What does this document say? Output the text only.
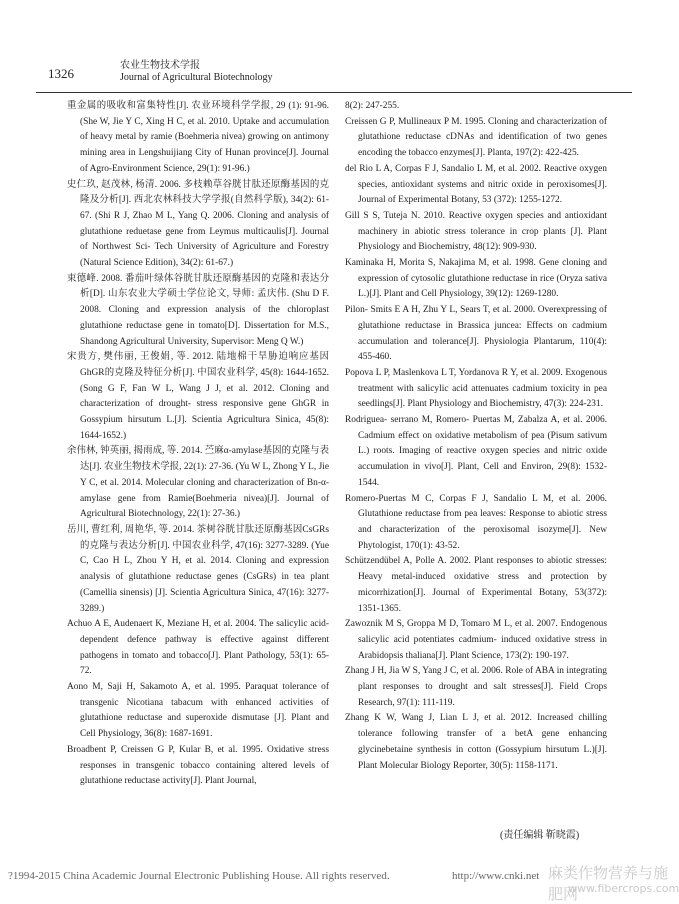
1326
农业生物技术学报
Journal of Agricultural Biotechnology

重金属的吸收和富集特性[J]. 农业环境科学学报, 29 (1): 91-96. (She W, Jie Y C, Xing H C, et al. 2010. Uptake and accumulation of heavy metal by ramie (Boehmeria nivea) growing on antimony mining area in Lengshuijiang City of Hunan province[J]. Journal of Agro-Environment Science, 29(1): 91-96.)

史仁玖, 赵茂林, 杨清. 2006. 多枝赖草谷胱甘肽还原酶基因的克隆及分析[J]. 西北农林科技大学学报(自然科学版), 34(2): 61-67. (Shi R J, Zhao M L, Yang Q. 2006. Cloning and analysis of glutathione reduetase gene from Leymus multicaulis[J]. Journal of Northwest Sci- Tech University of Agriculture and Forestry (Natural Science Edition), 34(2): 61-67.)

束德峰. 2008. 番茄叶绿体谷胱甘肽还原酶基因的克隆和表达分析[D]. 山东农业大学硕士学位论文, 导师: 孟庆伟. (Shu D F. 2008. Cloning and expression analysis of the chloroplast glutathione reductase gene in tomato[D]. Dissertation for M.S., Shandong Agricultural University, Supervisor: Meng Q W.)

宋贵方, 樊伟丽, 王俊娟, 等. 2012. 陆地棉干旱胁迫响应基因GhGR的克隆及特征分析[J]. 中国农业科学, 45(8): 1644-1652. (Song G F, Fan W L, Wang J J, et al. 2012. Cloning and characterization of drought- stress responsive gene GhGR in Gossypium hirsutum L.[J]. Scientia Agricultura Sinica, 45(8): 1644-1652.)

余伟林, 钟英丽, 揭雨成, 等. 2014. 苎麻α-amylase基因的克隆与表达[J]. 农业生物技术学报, 22(1): 27-36. (Yu W L, Zhong Y L, Jie Y C, et al. 2014. Molecular cloning and characterization of Bn-α-amylase gene from Ramie(Boehmeria nivea)[J]. Journal of Agricultural Biotechnology, 22(1): 27-36.)

岳川, 曹红利, 周艳华, 等. 2014. 茶树谷胱甘肽还原酶基因CsGRs的克隆与表达分析[J]. 中国农业科学, 47(16): 3277-3289. (Yue C, Cao H L, Zhou Y H, et al. 2014. Cloning and expression analysis of glutathione reductase genes (CsGRs) in tea plant (Camellia sinensis) [J]. Scientia Agricultura Sinica, 47(16): 3277-3289.)

Achuo A E, Audenaert K, Meziane H, et al. 2004. The salicylic acid- dependent defence pathway is effective against different pathogens in tomato and tobacco[J]. Plant Pathology, 53(1): 65-72.

Aono M, Saji H, Sakamoto A, et al. 1995. Paraquat tolerance of transgenic Nicotiana tabacum with enhanced activities of glutathione reductase and superoxide dismutase [J]. Plant and Cell Physiology, 36(8): 1687-1691.

Broadbent P, Creissen G P, Kular B, et al. 1995. Oxidative stress responses in transgenic tobacco containing altered levels of glutathione reductase activity[J]. Plant Journal,

8(2): 247-255.

Creissen G P, Mullineaux P M. 1995. Cloning and characterization of glutathione reductase cDNAs and identification of two genes encoding the tobacco enzymes[J]. Planta, 197(2): 422-425.

del Rio L A, Corpas F J, Sandalio L M, et al. 2002. Reactive oxygen species, antioxidant systems and nitric oxide in peroxisomes[J]. Journal of Experimental Botany, 53 (372): 1255-1272.

Gill S S, Tuteja N. 2010. Reactive oxygen species and antioxidant machinery in abiotic stress tolerance in crop plants [J]. Plant Physiology and Biochemistry, 48(12): 909-930.

Kaminaka H, Morita S, Nakajima M, et al. 1998. Gene cloning and expression of cytosolic glutathione reductase in rice (Oryza sativa L.)[J]. Plant and Cell Physiology, 39(12): 1269-1280.

Pilon- Smits E A H, Zhu Y L, Sears T, et al. 2000. Overexpressing of glutathione reductase in Brassica juncea: Effects on cadmium accumulation and tolerance[J]. Physiologia Plantarum, 110(4): 455-460.

Popova L P, Maslenkova L T, Yordanova R Y, et al. 2009. Exogenous treatment with salicylic acid attenuates cadmium toxicity in pea seedlings[J]. Plant Physiology and Biochemistry, 47(3): 224-231.

Rodriguea- serrano M, Romero- Puertas M, Zabalza A, et al. 2006. Cadmium effect on oxidative metabolism of pea (Pisum sativum L.) roots. Imaging of reactive oxygen species and nitric oxide accumulation in vivo[J]. Plant, Cell and Environ, 29(8): 1532-1544.

Romero-Puertas M C, Corpas F J, Sandalio L M, et al. 2006. Glutathione reductase from pea leaves: Response to abiotic stress and characterization of the peroxisomal isozyme[J]. New Phytologist, 170(1): 43-52.

Schützendübel A, Polle A. 2002. Plant responses to abiotic stresses: Heavy metal-induced oxidative stress and protection by micorrhization[J]. Journal of Experimental Botany, 53(372): 1351-1365.

Zawoznik M S, Groppa M D, Tomaro M L, et al. 2007. Endogenous salicylic acid potentiates cadmium- induced oxidative stress in Arabidopsis thaliana[J]. Plant Science, 173(2): 190-197.

Zhang J H, Jia W S, Yang J C, et al. 2006. Role of ABA in integrating plant responses to drought and salt stresses[J]. Field Crops Research, 97(1): 111-119.

Zhang K W, Wang J, Lian L J, et al. 2012. Increased chilling tolerance following transfer of a betA gene enhancing glycinebetaine synthesis in cotton (Gossypium hirsutum L.)[J]. Plant Molecular Biology Reporter, 30(5): 1158-1171.

(责任编辑 靳晓霞)
?1994-2015 China Academic Journal Electronic Publishing House. All rights reserved.	http://www.cnki.net 麻类作物营养与施肥网
www.fibercrops.com
